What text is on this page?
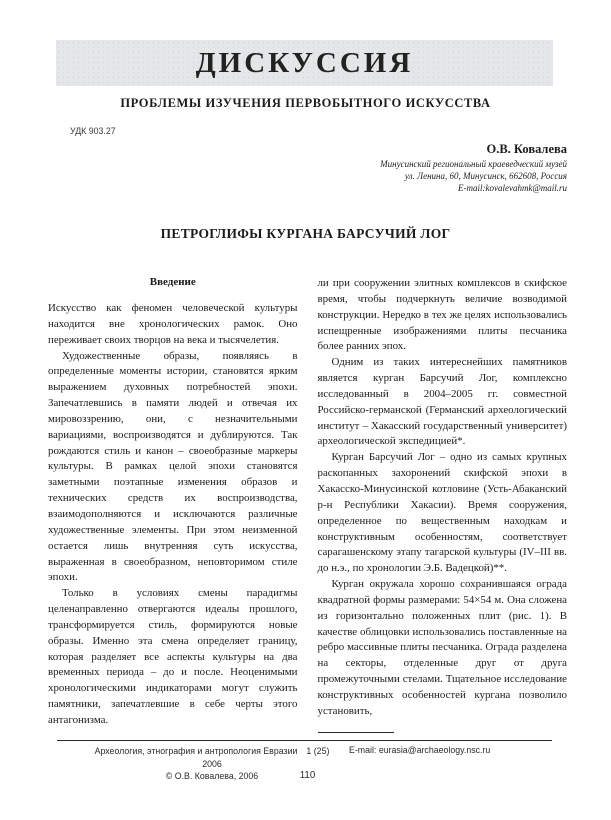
ДИСКУССИЯ
ПРОБЛЕМЫ ИЗУЧЕНИЯ ПЕРВОБЫТНОГО ИСКУССТВА
УДК 903.27
О.В. Ковалева
Минусинский региональный краеведческий музей
ул. Ленина, 60, Минусинск, 662608, Россия
E-mail:kovalevahmk@mail.ru
ПЕТРОГЛИФЫ КУРГАНА БАРСУЧИЙ ЛОГ
Введение

Искусство как феномен человеческой культуры находится вне хронологических рамок. Оно переживает своих творцов на века и тысячелетия.

Художественные образы, появляясь в определенные моменты истории, становятся ярким выражением духовных потребностей эпохи. Запечатлевшись в памяти людей и отвечая их мировоззрению, они, с незначительными вариациями, воспроизводятся и дублируются. Так рождаются стиль и канон – своеобразные маркеры культуры. В рамках целой эпохи становятся заметными поэтапные изменения образов и технических средств их воспроизводства, взаимодополняются и исключаются различные художественные элементы. При этом неизменной остается лишь внутренняя суть искусства, выраженная в своеобразном, неповторимом стиле эпохи.

Только в условиях смены парадигмы целенаправленно отвергаются идеалы прошлого, трансформируется стиль, формируются новые образы. Именно эта смена определяет границу, которая разделяет все аспекты культуры на два временных периода – до и после. Неоценимыми хронологическими индикаторами могут служить памятники, запечатлевшие в себе черты этого антагонизма.

ли при сооружении элитных комплексов в скифское время, чтобы подчеркнуть величие возводимой конструкции. Нередко в тех же целях использовались испещренные изображениями плиты песчаника более ранних эпох.

Одним из таких интереснейших памятников является курган Барсучий Лог, комплексно исследованный в 2004–2005 гг. совместной Российско-германской (Германский археологический институт – Хакасский государственный университет) археологической экспедицией*.

Курган Барсучий Лог – одно из самых крупных раскопанных захоронений скифской эпохи в Хакасско-Минусинской котловине (Усть-Абаканский р-н Республики Хакасии). Время сооружения, определенное по вещественным находкам и конструктивным особенностям, соответствует сарагашенскому этапу тагарской культуры (IV–III вв. до н.э., по хронологии Э.Б. Вадецкой)**.

Курган окружала хорошо сохранившаяся ограда квадратной формы размерами: 54×54 м. Она сложена из горизонтально положенных плит (рис. 1). В качестве облицовки использовались поставленные на ребро массивные плиты песчаника. Ограда разделена на секторы, отделенные друг от друга промежуточными стелами. Тщательное исследование конструктивных особенностей кургана позволило установить,

Археология, этнография и антропология Евразии 1 (25) 2006
© О.В. Ковалева, 2006
E-mail: eurasia@archaeology.nsc.ru
110
